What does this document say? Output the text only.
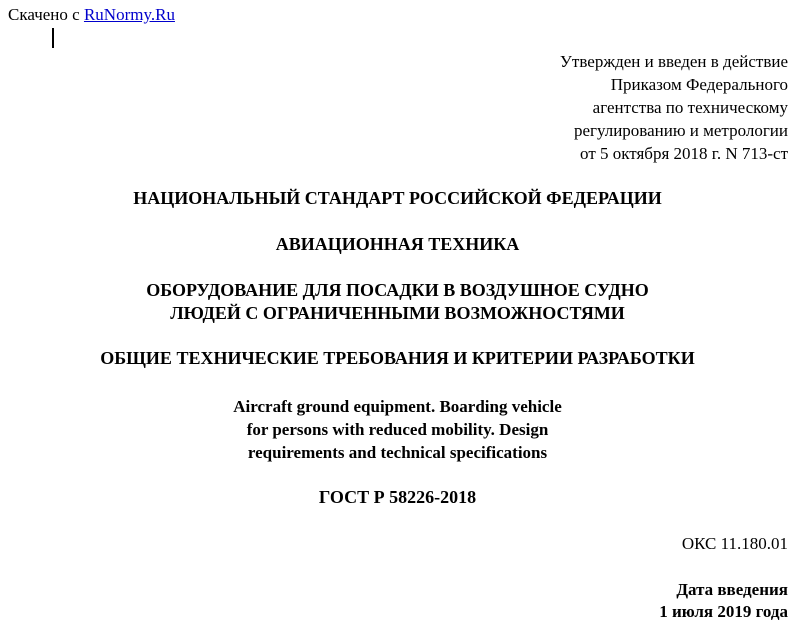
Скачено с RuNormy.Ru
Утвержден и введен в действие
Приказом Федерального
агентства по техническому
регулированию и метрологии
от 5 октября 2018 г. N 713-ст
НАЦИОНАЛЬНЫЙ СТАНДАРТ РОССИЙСКОЙ ФЕДЕРАЦИИ
АВИАЦИОННАЯ ТЕХНИКА
ОБОРУДОВАНИЕ ДЛЯ ПОСАДКИ В ВОЗДУШНОЕ СУДНО
ЛЮДЕЙ С ОГРАНИЧЕННЫМИ ВОЗМОЖНОСТЯМИ
ОБЩИЕ ТЕХНИЧЕСКИЕ ТРЕБОВАНИЯ И КРИТЕРИИ РАЗРАБОТКИ
Aircraft ground equipment. Boarding vehicle
for persons with reduced mobility. Design
requirements and technical specifications
ГОСТ Р 58226-2018
ОКС 11.180.01
Дата введения
1 июля 2019 года
